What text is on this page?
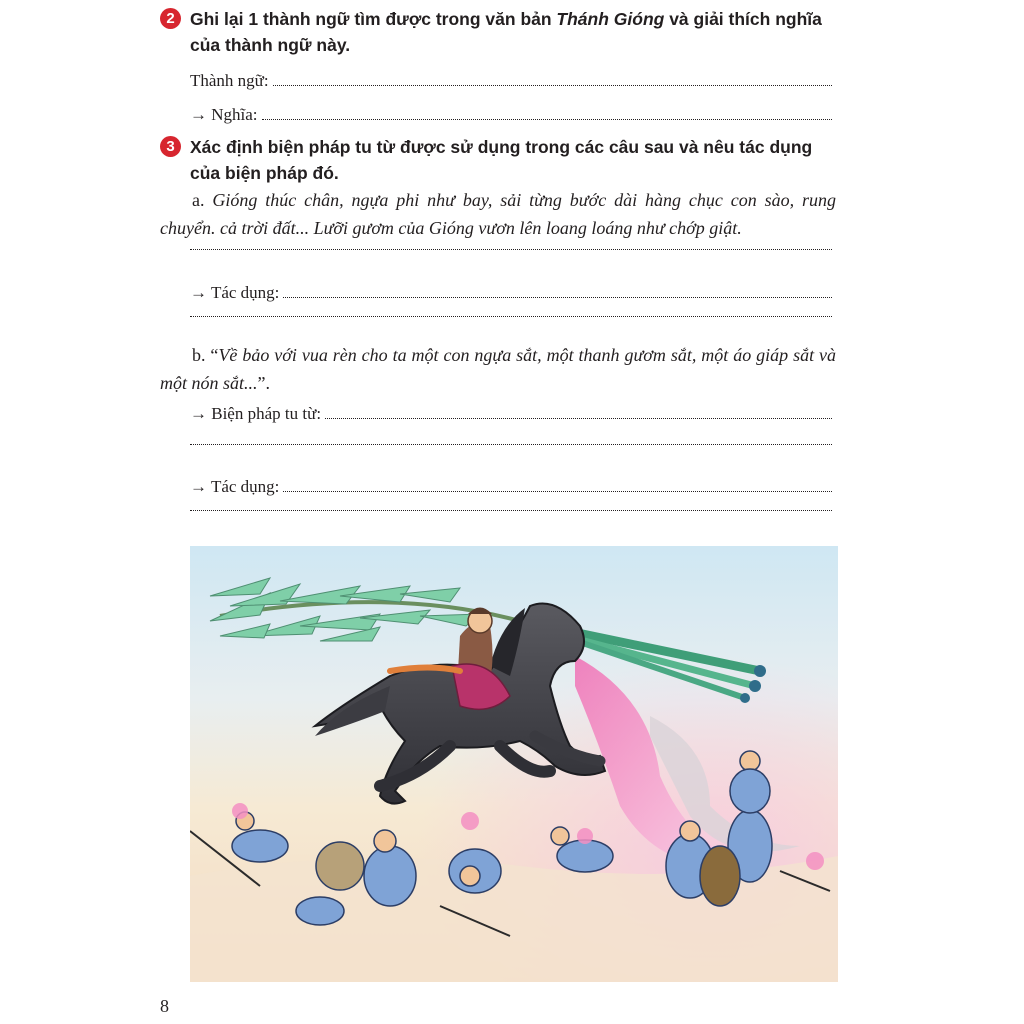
2 Ghi lại 1 thành ngữ tìm được trong văn bản Thánh Gióng và giải thích nghĩa của thành ngữ này.
Thành ngữ:
→ Nghĩa:
3 Xác định biện pháp tu từ được sử dụng trong các câu sau và nêu tác dụng của biện pháp đó.
a. Gióng thúc chân, ngựa phi như bay, sải từng bước dài hàng chục con sào, rung chuyển. cả trời đất... Lưỡi gươm của Gióng vươn lên loang loáng như chớp giật.
→ Tác dụng:
b. “Về bảo với vua rèn cho ta một con ngựa sắt, một thanh gươm sắt, một áo giáp sắt và một nón sắt...”.
→ Biện pháp tu từ:
→ Tác dụng:
8
